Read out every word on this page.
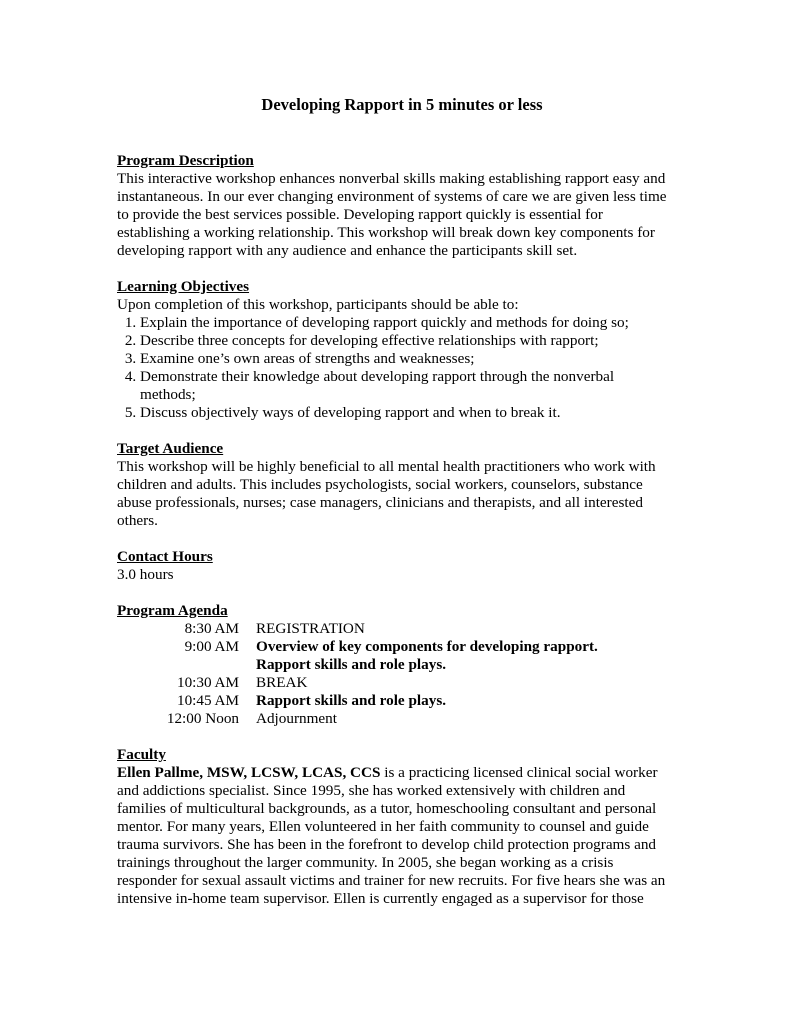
Developing Rapport in 5 minutes or less

Program Description

This interactive workshop enhances nonverbal skills making establishing rapport easy and instantaneous. In our ever changing environment of systems of care we are given less time to provide the best services possible. Developing rapport quickly is essential for establishing a working relationship. This workshop will break down key components for developing rapport with any audience and enhance the participants skill set.

Learning Objectives

Upon completion of this workshop, participants should be able to:

1. Explain the importance of developing rapport quickly and methods for doing so;
2. Describe three concepts for developing effective relationships with rapport;
3. Examine one’s own areas of strengths and weaknesses;
4. Demonstrate their knowledge about developing rapport through the nonverbal methods;
5. Discuss objectively ways of developing rapport and when to break it.

Target Audience

This workshop will be highly beneficial to all mental health practitioners who work with children and adults. This includes psychologists, social workers, counselors, substance abuse professionals, nurses; case managers, clinicians and therapists, and all interested others.

Contact Hours

3.0 hours

Program Agenda

8:30 AM	REGISTRATION
9:00 AM	Overview of key components for developing rapport.
Rapport skills and role plays.
10:30 AM	BREAK
10:45 AM	Rapport skills and role plays.
12:00 Noon	Adjournment

Faculty

Ellen Pallme, MSW, LCSW, LCAS, CCS is a practicing licensed clinical social worker and addictions specialist. Since 1995, she has worked extensively with children and families of multicultural backgrounds, as a tutor, homeschooling consultant and personal mentor. For many years, Ellen volunteered in her faith community to counsel and guide trauma survivors. She has been in the forefront to develop child protection programs and trainings throughout the larger community. In 2005, she began working as a crisis responder for sexual assault victims and trainer for new recruits. For five hears she was an intensive in-home team supervisor. Ellen is currently engaged as a supervisor for those
